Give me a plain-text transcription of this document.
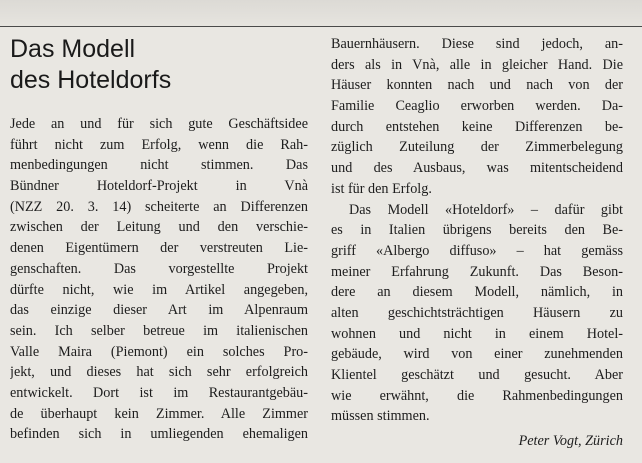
Das Modell
des Hoteldorfs
Jede an und für sich gute Geschäftsidee
führt nicht zum Erfolg, wenn die Rah-
menbedingungen nicht stimmen. Das
Bündner Hoteldorf-Projekt in Vnà
(NZZ 20. 3. 14) scheiterte an Differenzen
zwischen der Leitung und den verschie-
denen Eigentümern der verstreuten Lie-
genschaften. Das vorgestellte Projekt
dürfte nicht, wie im Artikel angegeben,
das einzige dieser Art im Alpenraum
sein. Ich selber betreue im italienischen
Valle Maira (Piemont) ein solches Pro-
jekt, und dieses hat sich sehr erfolgreich
entwickelt. Dort ist im Restaurantgebäu-
de überhaupt kein Zimmer. Alle Zimmer
befinden sich in umliegenden ehemaligen
Bauernhäusern. Diese sind jedoch, an-
ders als in Vnà, alle in gleicher Hand. Die
Häuser konnten nach und nach von der
Familie Ceaglio erworben werden. Da-
durch entstehen keine Differenzen be-
züglich Zuteilung der Zimmerbelegung
und des Ausbaus, was mitentscheidend
ist für den Erfolg.
Das Modell «Hoteldorf» – dafür gibt
es in Italien übrigens bereits den Be-
griff «Albergo diffuso» – hat gemäss
meiner Erfahrung Zukunft. Das Beson-
dere an diesem Modell, nämlich, in
alten geschichtsträchtigen Häusern zu
wohnen und nicht in einem Hotel-
gebäude, wird von einer zunehmenden
Klientel geschätzt und gesucht. Aber
wie erwähnt, die Rahmenbedingungen
müssen stimmen.
Peter Vogt, Zürich
